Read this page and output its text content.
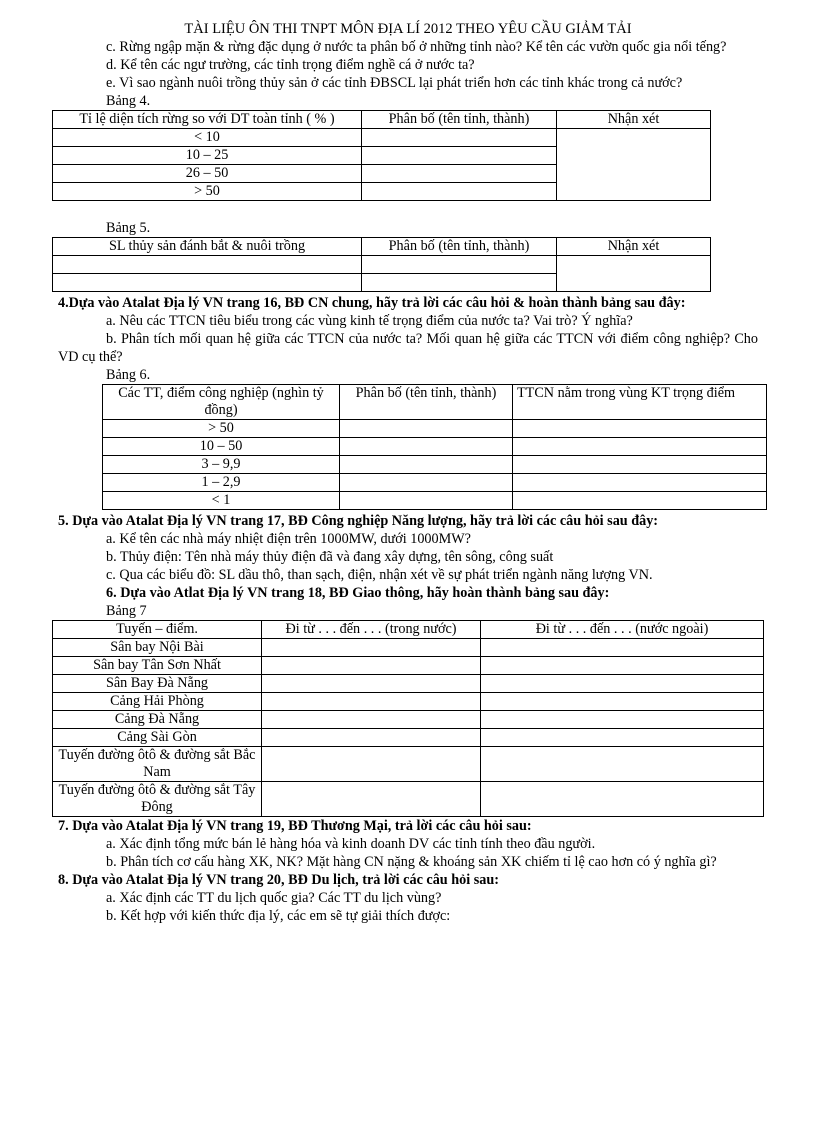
TÀI LIỆU ÔN THI TNPT MÔN ĐỊA LÍ 2012 THEO YÊU CẦU GIẢM TẢI

c. Rừng ngập mặn & rừng đặc dụng ở nước ta phân bố ở những tỉnh nào? Kể tên các vườn quốc gia nổi tếng?

d. Kể tên các ngư trường, các tỉnh trọng điểm nghề cá ở nước ta?

e. Vì sao ngành nuôi trồng thủy sản ở các tỉnh ĐBSCL lại phát triển hơn các tỉnh khác trong cả nước?

Bảng 4.

Tỉ lệ diện tích rừng so với DT toàn tỉnh ( % )	Phân bố (tên tỉnh, thành)	Nhận xét
< 10		
10 – 25		
26 – 50		
> 50		

Bảng 5.

SL thủy sản đánh bắt & nuôi trồng	Phân bố (tên tỉnh, thành)	Nhận xét

4.Dựa vào Atalat Địa lý VN trang 16, BĐ CN chung, hãy trả lời các câu hỏi & hoàn thành bảng sau đây:

a. Nêu các TTCN tiêu biểu trong các vùng kinh tế trọng điểm của nước ta? Vai trò? Ý nghĩa?

b. Phân tích mối quan hệ giữa các TTCN của nước ta? Mối quan hệ giữa các TTCN với điểm công nghiệp? Cho VD cụ thể?

Bảng 6.

Các TT, điểm công nghiệp (nghìn tỷ đồng)	Phân bố (tên tỉnh, thành)	TTCN nằm trong vùng KT trọng điểm
> 50		
10 – 50		
3 – 9,9		
1 – 2,9		
< 1		

5. Dựa vào Atalat Địa lý VN trang 17, BĐ Công nghiệp Năng lượng, hãy trả lời các câu hỏi sau đây:

a. Kể tên các nhà máy nhiệt điện trên 1000MW, dưới 1000MW?

b. Thủy điện: Tên nhà máy thủy điện đã và đang xây dựng, tên sông, công suất

c. Qua các biểu đồ: SL dầu thô, than sạch, điện, nhận xét về sự phát triển ngành năng lượng VN.

6. Dựa vào Atlat Địa lý VN trang 18, BĐ Giao thông, hãy hoàn thành bảng sau đây:

Bảng 7

Tuyến – điểm.	Đi từ . . . đến . . . (trong nước)	Đi từ . . . đến . . . (nước ngoài)
Sân bay Nội Bài		
Sân bay Tân Sơn Nhất		
Sân Bay Đà Nẵng		
Cảng Hải Phòng		
Cảng Đà Nẵng		
Cảng Sài Gòn		
Tuyến đường ôtô & đường sắt Bắc Nam		
Tuyến đường ôtô & đường sắt Tây Đông		

7. Dựa vào Atalat Địa lý VN trang 19, BĐ Thương Mại, trả lời các câu hỏi sau:

a. Xác định tổng mức bán lẻ hàng hóa và kinh doanh DV các tỉnh tính theo đầu người.

b. Phân tích cơ cấu hàng XK, NK? Mặt hàng CN nặng & khoáng sản XK chiếm tỉ lệ cao hơn có ý nghĩa gì?

8. Dựa vào Atalat Địa lý VN trang 20, BĐ Du lịch, trả lời các câu hỏi sau:

a. Xác định các TT du lịch quốc gia? Các TT du lịch vùng?

b. Kết hợp với kiến thức địa lý, các em sẽ tự giải thích được:
